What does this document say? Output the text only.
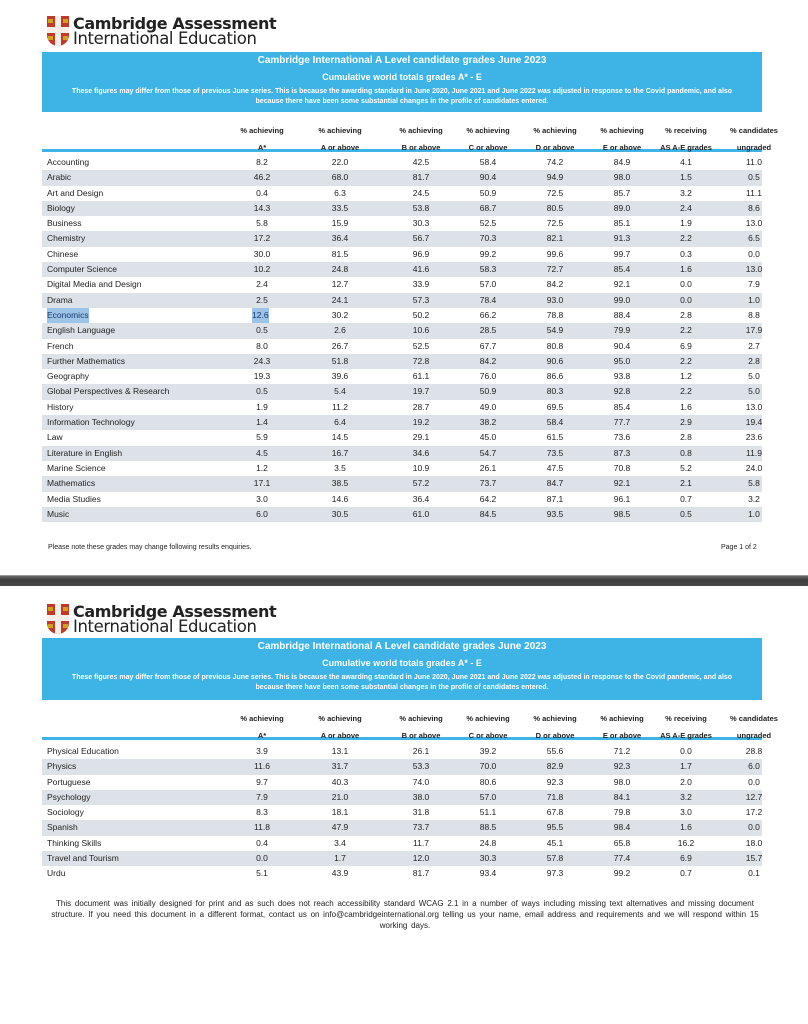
Cambridge Assessment
International Education
Cambridge International A Level candidate grades June 2023
Cumulative world totals grades A* - E
These figures may differ from those of previous June series. This is because the awarding standard in June 2020, June 2021 and June 2022 was adjusted in response to the Covid pandemic, and also because there have been some substantial changes in the profile of candidates entered.
% achieving
A*
% achieving
A or above
% achieving
B or above
% achieving
C or above
% achieving
D or above
% achieving
E or above
% receiving
AS A-E grades
% candidates
ungraded
Accounting	8.2	22.0	42.5	58.4	74.2	84.9	4.1	11.0
Arabic	46.2	68.0	81.7	90.4	94.9	98.0	1.5	0.5
Art and Design	0.4	6.3	24.5	50.9	72.5	85.7	3.2	11.1
Biology	14.3	33.5	53.8	68.7	80.5	89.0	2.4	8.6
Business	5.8	15.9	30.3	52.5	72.5	85.1	1.9	13.0
Chemistry	17.2	36.4	56.7	70.3	82.1	91.3	2.2	6.5
Chinese	30.0	81.5	96.9	99.2	99.6	99.7	0.3	0.0
Computer Science	10.2	24.8	41.6	58.3	72.7	85.4	1.6	13.0
Digital Media and Design	2.4	12.7	33.9	57.0	84.2	92.1	0.0	7.9
Drama	2.5	24.1	57.3	78.4	93.0	99.0	0.0	1.0
Economics	12.6	30.2	50.2	66.2	78.8	88.4	2.8	8.8
English Language	0.5	2.6	10.6	28.5	54.9	79.9	2.2	17.9
French	8.0	26.7	52.5	67.7	80.8	90.4	6.9	2.7
Further Mathematics	24.3	51.8	72.8	84.2	90.6	95.0	2.2	2.8
Geography	19.3	39.6	61.1	76.0	86.6	93.8	1.2	5.0
Global Perspectives & Research	0.5	5.4	19.7	50.9	80.3	92.8	2.2	5.0
History	1.9	11.2	28.7	49.0	69.5	85.4	1.6	13.0
Information Technology	1.4	6.4	19.2	38.2	58.4	77.7	2.9	19.4
Law	5.9	14.5	29.1	45.0	61.5	73.6	2.8	23.6
Literature in English	4.5	16.7	34.6	54.7	73.5	87.3	0.8	11.9
Marine Science	1.2	3.5	10.9	26.1	47.5	70.8	5.2	24.0
Mathematics	17.1	38.5	57.2	73.7	84.7	92.1	2.1	5.8
Media Studies	3.0	14.6	36.4	64.2	87.1	96.1	0.7	3.2
Music	6.0	30.5	61.0	84.5	93.5	98.5	0.5	1.0
Please note these grades may change following results enquiries.	Page 1 of 2
Cambridge Assessment
International Education
Cambridge International A Level candidate grades June 2023
Cumulative world totals grades A* - E
These figures may differ from those of previous June series. This is because the awarding standard in June 2020, June 2021 and June 2022 was adjusted in response to the Covid pandemic, and also because there have been some substantial changes in the profile of candidates entered.
% achieving
A*
% achieving
A or above
% achieving
B or above
% achieving
C or above
% achieving
D or above
% achieving
E or above
% receiving
AS A-E grades
% candidates
ungraded
Physical Education	3.9	13.1	26.1	39.2	55.6	71.2	0.0	28.8
Physics	11.6	31.7	53.3	70.0	82.9	92.3	1.7	6.0
Portuguese	9.7	40.3	74.0	80.6	92.3	98.0	2.0	0.0
Psychology	7.9	21.0	38.0	57.0	71.8	84.1	3.2	12.7
Sociology	8.3	18.1	31.8	51.1	67.8	79.8	3.0	17.2
Spanish	11.8	47.9	73.7	88.5	95.5	98.4	1.6	0.0
Thinking Skills	0.4	3.4	11.7	24.8	45.1	65.8	16.2	18.0
Travel and Tourism	0.0	1.7	12.0	30.3	57.8	77.4	6.9	15.7
Urdu	5.1	43.9	81.7	93.4	97.3	99.2	0.7	0.1
This document was initially designed for print and as such does not reach accessibility standard WCAG 2.1 in a number of ways including missing text alternatives and missing document structure. If you need this document in a different format, contact us on info@cambridgeinternational.org telling us your name, email address and requirements and we will respond within 15 working days.
